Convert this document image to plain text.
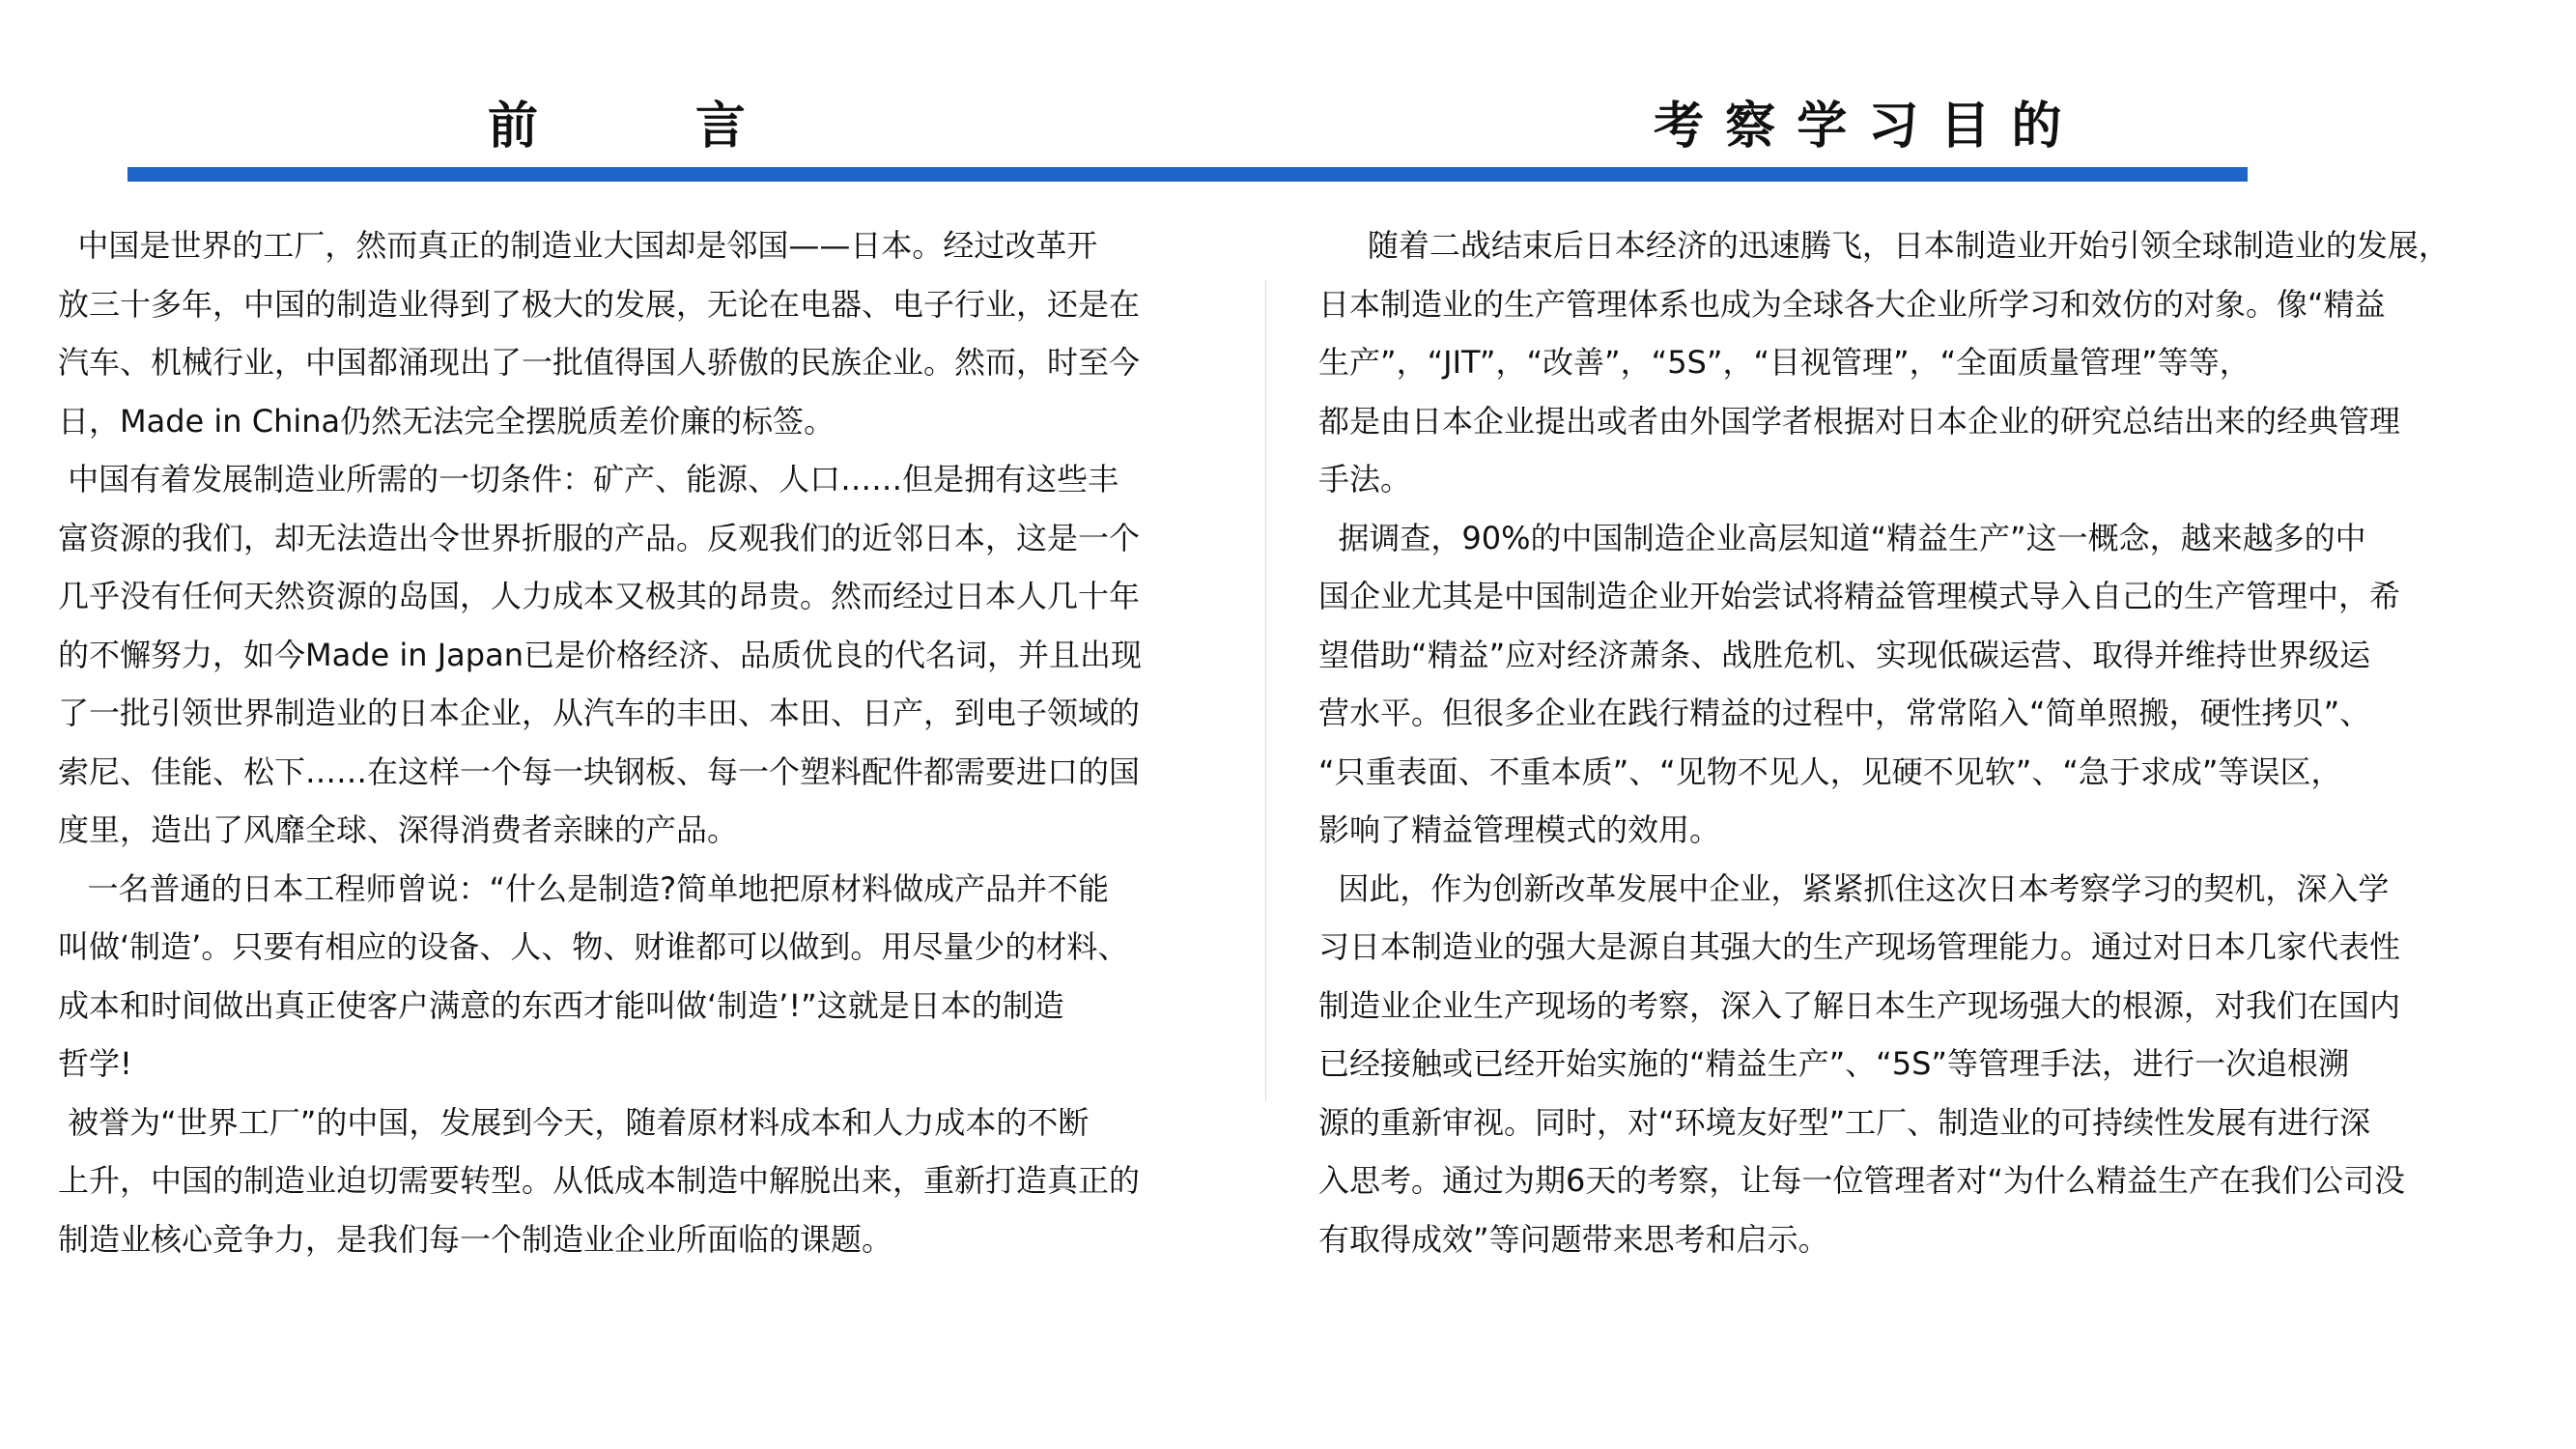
前        言	考 察 学 习 目 的

中国是世界的工厂，然而真正的制造业大国却是邻国——日本。经过改革开

放三十多年，中国的制造业得到了极大的发展，无论在电器、电子行业，还是在

汽车、机械行业，中国都涌现出了一批值得国人骄傲的民族企业。然而，时至今

日，Made in China仍然无法完全摆脱质差价廉的标签。

中国有着发展制造业所需的一切条件：矿产、能源、人口……但是拥有这些丰

富资源的我们，却无法造出令世界折服的产品。反观我们的近邻日本，这是一个

几乎没有任何天然资源的岛国，人力成本又极其的昂贵。然而经过日本人几十年

的不懈努力，如今Made in Japan已是价格经济、品质优良的代名词，并且出现

了一批引领世界制造业的日本企业，从汽车的丰田、本田、日产，到电子领域的

索尼、佳能、松下……在这样一个每一块钢板、每一个塑料配件都需要进口的国

度里，造出了风靡全球、深得消费者亲睐的产品。

一名普通的日本工程师曾说：“什么是制造?简单地把原材料做成产品并不能

叫做‘制造’。只要有相应的设备、人、物、财谁都可以做到。用尽量少的材料、

成本和时间做出真正使客户满意的东西才能叫做‘制造’!”这就是日本的制造

哲学!

被誉为“世界工厂”的中国，发展到今天，随着原材料成本和人力成本的不断

上升，中国的制造业迫切需要转型。从低成本制造中解脱出来，重新打造真正的

制造业核心竞争力，是我们每一个制造业企业所面临的课题。

随着二战结束后日本经济的迅速腾飞，日本制造业开始引领全球制造业的发展，

日本制造业的生产管理体系也成为全球各大企业所学习和效仿的对象。像“精益

生产”，“JIT”，“改善”，“5S”，“目视管理”，“全面质量管理”等等，

都是由日本企业提出或者由外国学者根据对日本企业的研究总结出来的经典管理

手法。

据调查，90%的中国制造企业高层知道“精益生产”这一概念，越来越多的中

国企业尤其是中国制造企业开始尝试将精益管理模式导入自己的生产管理中，希

望借助“精益”应对经济萧条、战胜危机、实现低碳运营、取得并维持世界级运

营水平。但很多企业在践行精益的过程中，常常陷入“简单照搬，硬性拷贝”、

“只重表面、不重本质”、“见物不见人，见硬不见软”、“急于求成”等误区，

影响了精益管理模式的效用。

因此，作为创新改革发展中企业，紧紧抓住这次日本考察学习的契机，深入学

习日本制造业的强大是源自其强大的生产现场管理能力。通过对日本几家代表性

制造业企业生产现场的考察，深入了解日本生产现场强大的根源，对我们在国内

已经接触或已经开始实施的“精益生产”、“5S”等管理手法，进行一次追根溯

源的重新审视。同时，对“环境友好型”工厂、制造业的可持续性发展有进行深

入思考。通过为期6天的考察，让每一位管理者对“为什么精益生产在我们公司没

有取得成效”等问题带来思考和启示。
